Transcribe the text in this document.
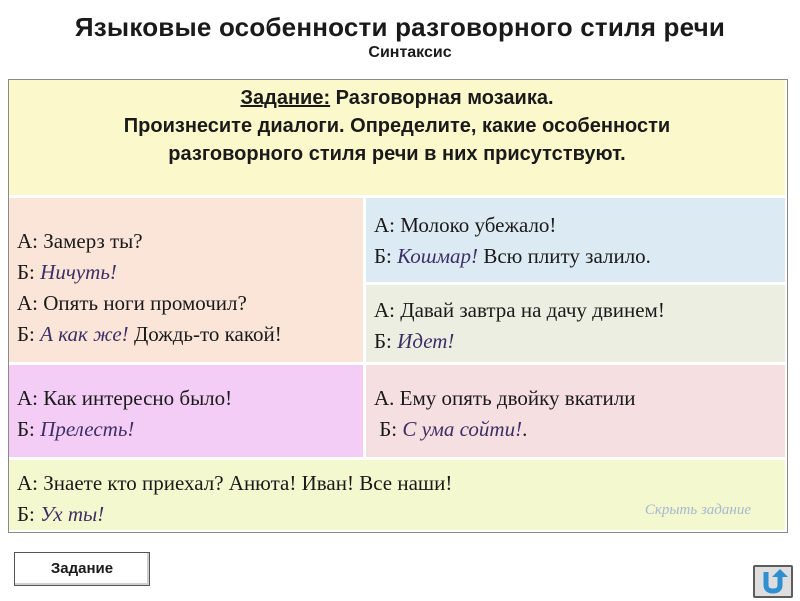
Языковые особенности разговорного стиля речи
Синтаксис
Задание: Разговорная мозаика.
Произнесите диалоги. Определите, какие особенности
разговорного стиля речи в них присутствуют.
А: Замерз ты?
Б: Ничуть!
А: Опять ноги промочил?
Б: А как же! Дождь-то какой!
А: Молоко убежало!
Б: Кошмар! Всю плиту залило.
А: Давай завтра на дачу двинем!
Б: Идет!
А: Как интересно было!
Б: Прелесть!
А. Ему опять двойку вкатили
Б: С ума сойти!.
А: Знаете кто приехал? Анюта! Иван! Все наши!
Б: Ух ты!	Скрыть задание
Задание
